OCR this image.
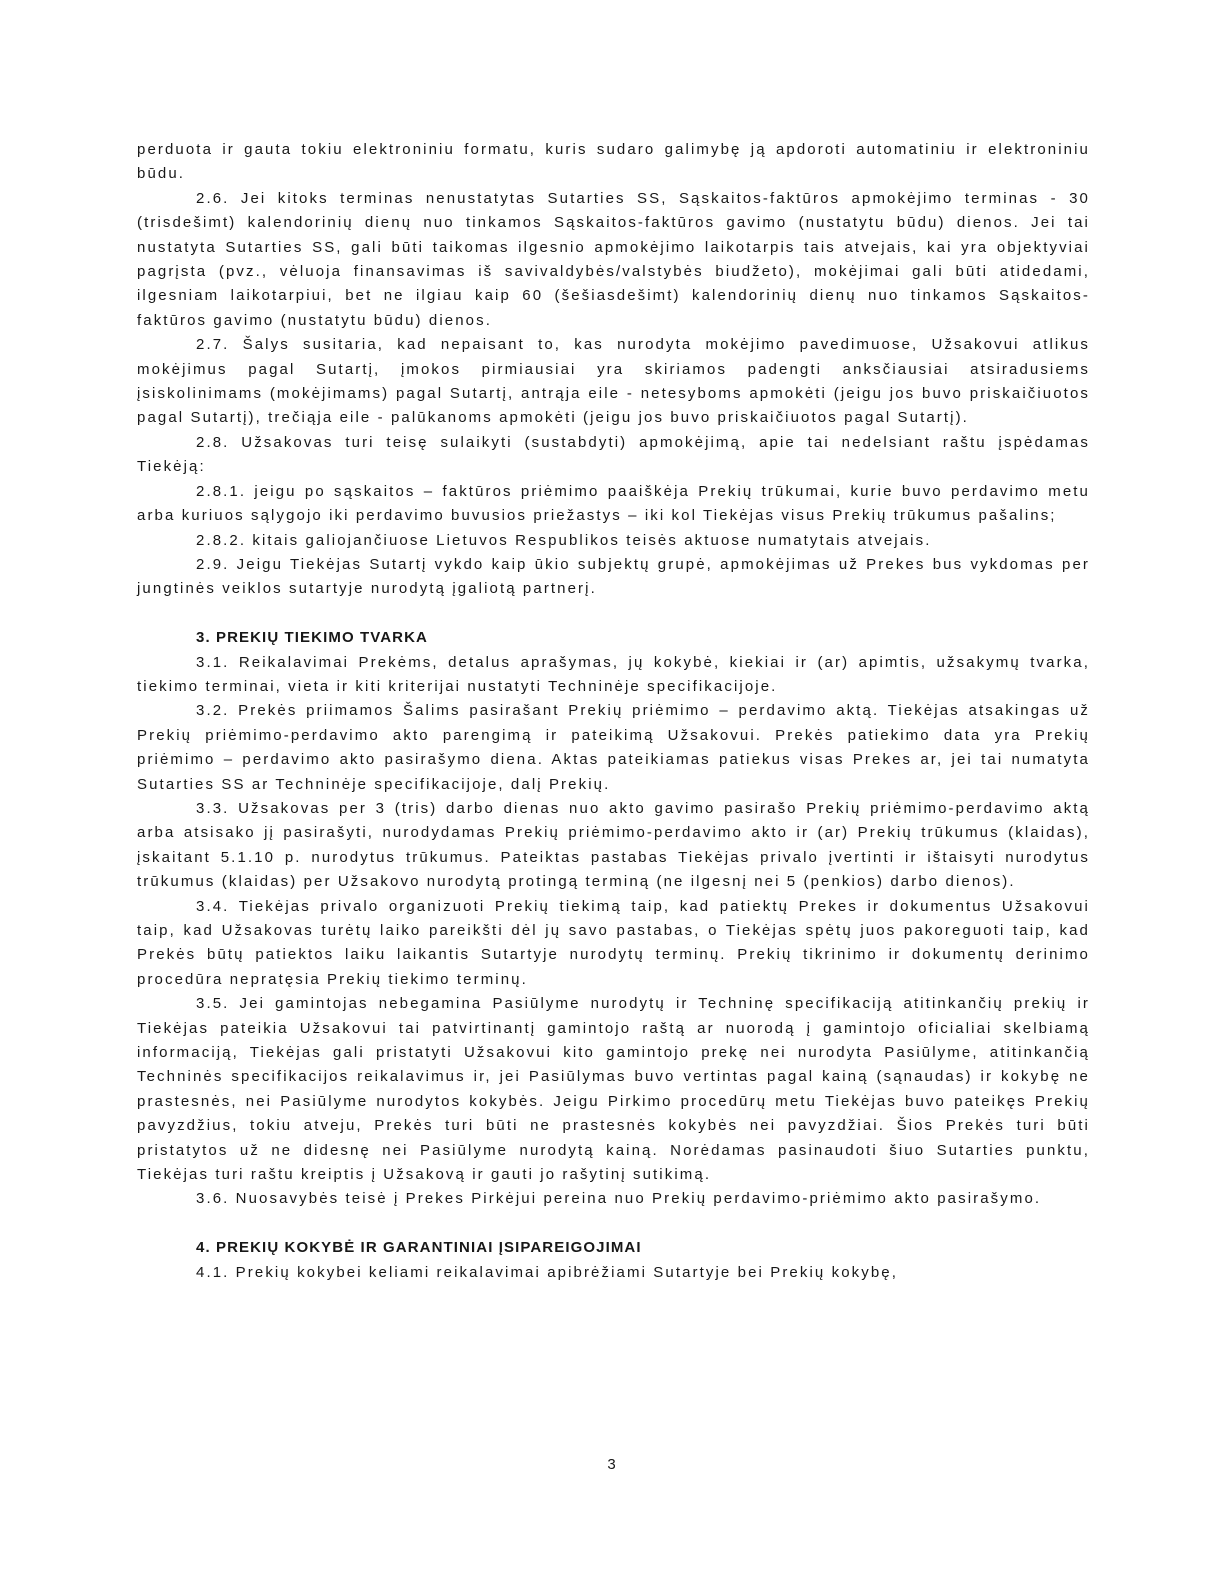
perduota ir gauta tokiu elektroniniu formatu, kuris sudaro galimybę ją apdoroti automatiniu ir elektroniniu būdu.

2.6. Jei kitoks terminas nenustatytas Sutarties SS, Sąskaitos-faktūros apmokėjimo terminas - 30 (trisdešimt) kalendorinių dienų nuo tinkamos Sąskaitos-faktūros gavimo (nustatytu būdu) dienos. Jei tai nustatyta Sutarties SS, gali būti taikomas ilgesnio apmokėjimo laikotarpis tais atvejais, kai yra objektyviai pagrįsta (pvz., vėluoja finansavimas iš savivaldybės/valstybės biudžeto), mokėjimai gali būti atidedami, ilgesniam laikotarpiui, bet ne ilgiau kaip 60 (šešiasdešimt) kalendorinių dienų nuo tinkamos Sąskaitos-faktūros gavimo (nustatytu būdu) dienos.

2.7. Šalys susitaria, kad nepaisant to, kas nurodyta mokėjimo pavedimuose, Užsakovui atlikus mokėjimus pagal Sutartį, įmokos pirmiausiai yra skiriamos padengti anksčiausiai atsiradusiems įsiskolinimams (mokėjimams) pagal Sutartį, antrąja eile - netesyboms apmokėti (jeigu jos buvo priskaičiuotos pagal Sutartį), trečiąja eile - palūkanoms apmokėti (jeigu jos buvo priskaičiuotos pagal Sutartį).

2.8. Užsakovas turi teisę sulaikyti (sustabdyti) apmokėjimą, apie tai nedelsiant raštu įspėdamas Tiekėją:

2.8.1. jeigu po sąskaitos – faktūros priėmimo paaiškėja Prekių trūkumai, kurie buvo perdavimo metu arba kuriuos sąlygojo iki perdavimo buvusios priežastys – iki kol Tiekėjas visus Prekių trūkumus pašalins;

2.8.2. kitais galiojančiuose Lietuvos Respublikos teisės aktuose numatytais atvejais.

2.9. Jeigu Tiekėjas Sutartį vykdo kaip ūkio subjektų grupė, apmokėjimas už Prekes bus vykdomas per jungtinės veiklos sutartyje nurodytą įgaliotą partnerį.

3. PREKIŲ TIEKIMO TVARKA

3.1. Reikalavimai Prekėms, detalus aprašymas, jų kokybė, kiekiai ir (ar) apimtis, užsakymų tvarka, tiekimo terminai, vieta ir kiti kriterijai nustatyti Techninėje specifikacijoje.

3.2. Prekės priimamos Šalims pasirašant Prekių priėmimo – perdavimo aktą. Tiekėjas atsakingas už Prekių priėmimo-perdavimo akto parengimą ir pateikimą Užsakovui. Prekės patiekimo data yra Prekių priėmimo – perdavimo akto pasirašymo diena. Aktas pateikiamas patiekus visas Prekes ar, jei tai numatyta Sutarties SS ar Techninėje specifikacijoje, dalį Prekių.

3.3. Užsakovas per 3 (tris) darbo dienas nuo akto gavimo pasirašo Prekių priėmimo-perdavimo aktą arba atsisako jį pasirašyti, nurodydamas Prekių priėmimo-perdavimo akto ir (ar) Prekių trūkumus (klaidas), įskaitant 5.1.10 p. nurodytus trūkumus. Pateiktas pastabas Tiekėjas privalo įvertinti ir ištaisyti nurodytus trūkumus (klaidas) per Užsakovo nurodytą protingą terminą (ne ilgesnį nei 5 (penkios) darbo dienos).

3.4. Tiekėjas privalo organizuoti Prekių tiekimą taip, kad patiektų Prekes ir dokumentus Užsakovui taip, kad Užsakovas turėtų laiko pareikšti dėl jų savo pastabas, o Tiekėjas spėtų juos pakoreguoti taip, kad Prekės būtų patiektos laiku laikantis Sutartyje nurodytų terminų. Prekių tikrinimo ir dokumentų derinimo procedūra nepratęsia Prekių tiekimo terminų.

3.5. Jei gamintojas nebegamina Pasiūlyme nurodytų ir Techninę specifikaciją atitinkančių prekių ir Tiekėjas pateikia Užsakovui tai patvirtinantį gamintojo raštą ar nuorodą į gamintojo oficialiai skelbiamą informaciją, Tiekėjas gali pristatyti Užsakovui kito gamintojo prekę nei nurodyta Pasiūlyme, atitinkančią Techninės specifikacijos reikalavimus ir, jei Pasiūlymas buvo vertintas pagal kainą (sąnaudas) ir kokybę ne prastesnės, nei Pasiūlyme nurodytos kokybės. Jeigu Pirkimo procedūrų metu Tiekėjas buvo pateikęs Prekių pavyzdžius, tokiu atveju, Prekės turi būti ne prastesnės kokybės nei pavyzdžiai. Šios Prekės turi būti pristatytos už ne didesnę nei Pasiūlyme nurodytą kainą. Norėdamas pasinaudoti šiuo Sutarties punktu, Tiekėjas turi raštu kreiptis į Užsakovą ir gauti jo rašytinį sutikimą.

3.6. Nuosavybės teisė į Prekes Pirkėjui pereina nuo Prekių perdavimo-priėmimo akto pasirašymo.

4. PREKIŲ KOKYBĖ IR GARANTINIAI ĮSIPAREIGOJIMAI

4.1. Prekių kokybei keliami reikalavimai apibrėžiami Sutartyje bei Prekių kokybę,

3
